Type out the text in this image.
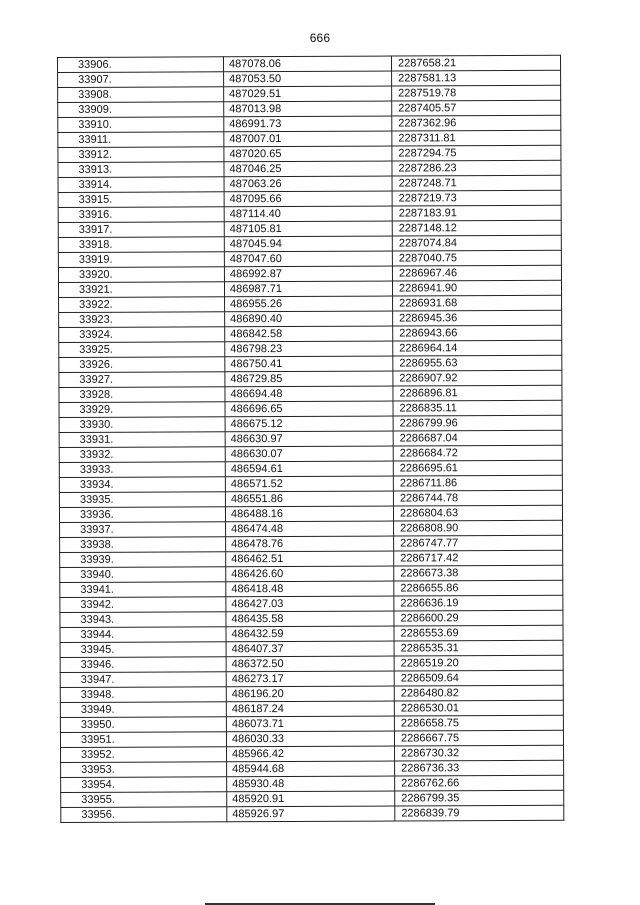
666
33906.	487078.06	2287658.21
33907.	487053.50	2287581.13
33908.	487029.51	2287519.78
33909.	487013.98	2287405.57
33910.	486991.73	2287362.96
33911.	487007.01	2287311.81
33912.	487020.65	2287294.75
33913.	487046.25	2287286.23
33914.	487063.26	2287248.71
33915.	487095.66	2287219.73
33916.	487114.40	2287183.91
33917.	487105.81	2287148.12
33918.	487045.94	2287074.84
33919.	487047.60	2287040.75
33920.	486992.87	2286967.46
33921.	486987.71	2286941.90
33922.	486955.26	2286931.68
33923.	486890.40	2286945.36
33924.	486842.58	2286943.66
33925.	486798.23	2286964.14
33926.	486750.41	2286955.63
33927.	486729.85	2286907.92
33928.	486694.48	2286896.81
33929.	486696.65	2286835.11
33930.	486675.12	2286799.96
33931.	486630.97	2286687.04
33932.	486630.07	2286684.72
33933.	486594.61	2286695.61
33934.	486571.52	2286711.86
33935.	486551.86	2286744.78
33936.	486488.16	2286804.63
33937.	486474.48	2286808.90
33938.	486478.76	2286747.77
33939.	486462.51	2286717.42
33940.	486426.60	2286673.38
33941.	486418.48	2286655.86
33942.	486427.03	2286636.19
33943.	486435.58	2286600.29
33944.	486432.59	2286553.69
33945.	486407.37	2286535.31
33946.	486372.50	2286519.20
33947.	486273.17	2286509.64
33948.	486196.20	2286480.82
33949.	486187.24	2286530.01
33950.	486073.71	2286658.75
33951.	486030.33	2286667.75
33952.	485966.42	2286730.32
33953.	485944.68	2286736.33
33954.	485930.48	2286762.66
33955.	485920.91	2286799.35
33956.	485926.97	2286839.79
